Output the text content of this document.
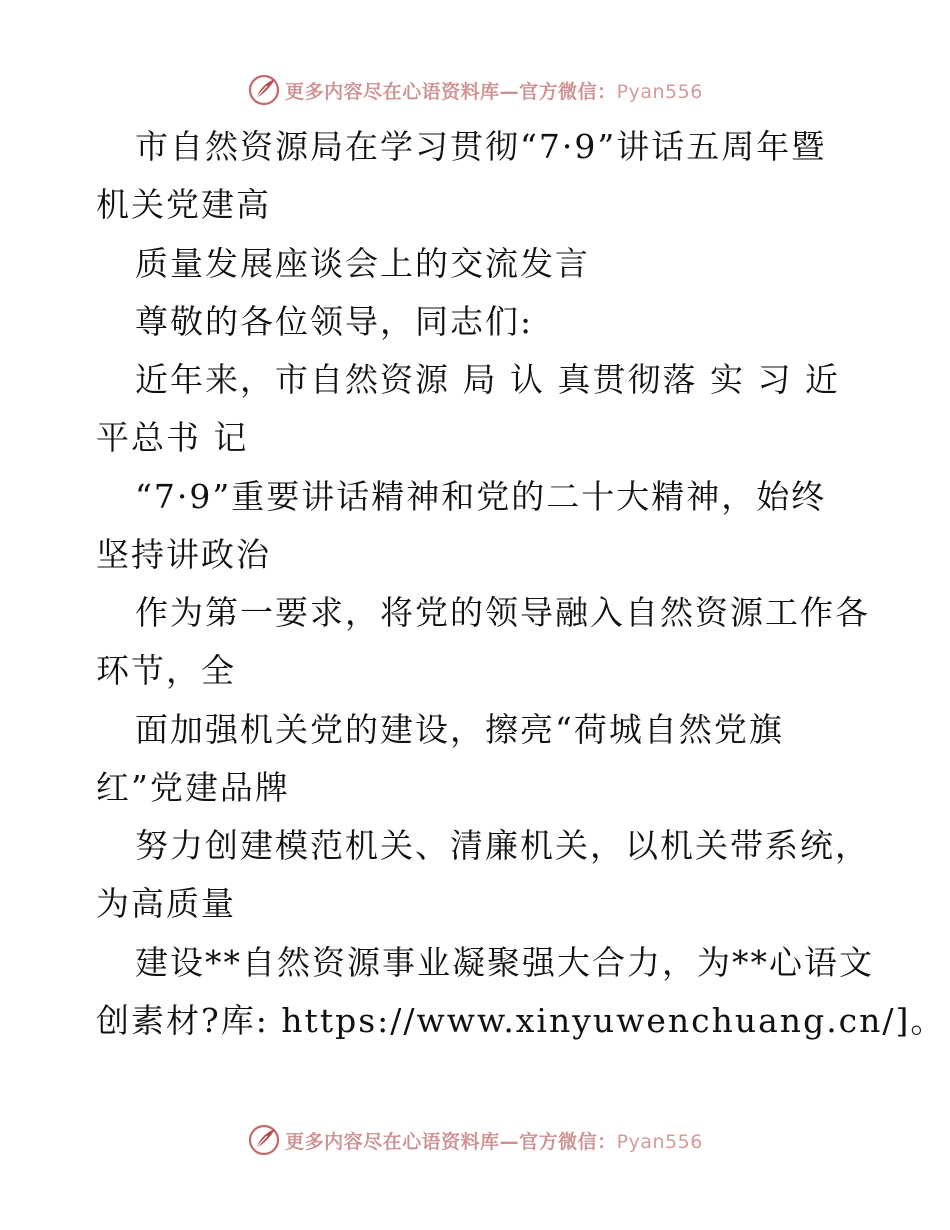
更多内容尽在心语资料库—官方微信：Pyan556
市自然资源局在学习贯彻“7·9”讲话五周年暨
机关党建高
质量发展座谈会上的交流发言
尊敬的各位领导，同志们:
近年来，市自然资源 局 认 真贯彻落 实 习 近
平总书 记
“7·9”重要讲话精神和党的二十大精神，始终
坚持讲政治
作为第一要求，将党的领导融入自然资源工作各
环节，全
面加强机关党的建设，擦亮“荷城自然党旗
红”党建品牌
努力创建模范机关、清廉机关，以机关带系统，
为高质量
建设**自然资源事业凝聚强大合力，为**心语文
创素材?库: https://www.xinyuwenchuang.cn/]。
更多内容尽在心语资料库—官方微信：Pyan556
